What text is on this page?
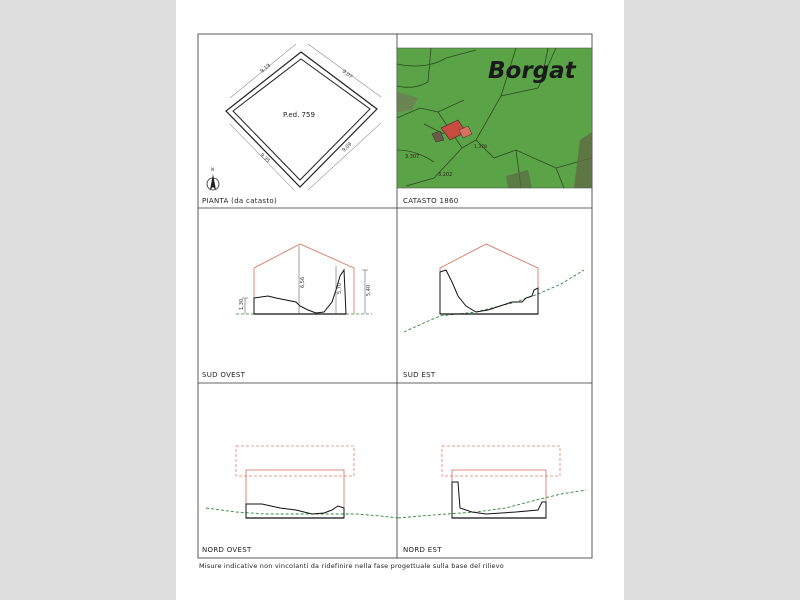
9,19
9,07
9,09
9,35
P.ed. 759
N
Borgat
3.307
3.202
1.378
6,56
1,30
5,70	5,40
PIANTA (da catasto)	CATASTO 1860
SUD OVEST	SUD EST
NORD OVEST	NORD EST
Misure indicative non vincolanti da ridefinire nella fase progettuale sulla base del rilievo
